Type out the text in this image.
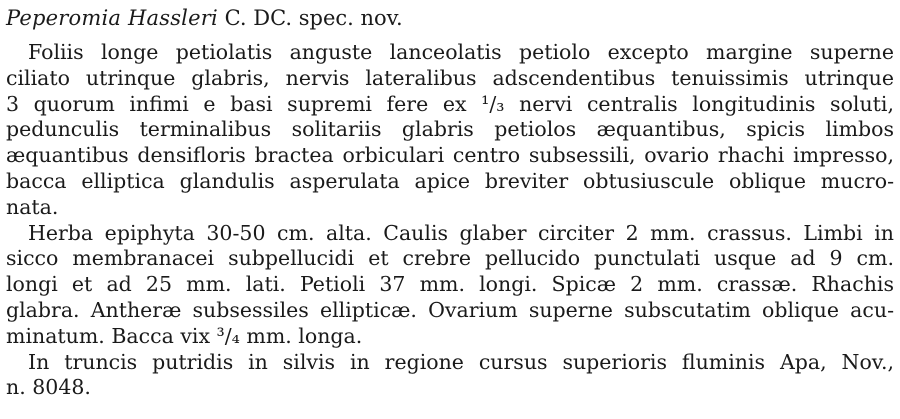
Peperomia Hassleri C. DC. spec. nov.

Foliis longe petiolatis anguste lanceolatis petiolo excepto margine superne
ciliato utrinque glabris, nervis lateralibus adscendentibus tenuissimis utrinque
3 quorum infimi e basi supremi fere ex ¹/₃ nervi centralis longitudinis soluti,
pedunculis terminalibus solitariis glabris petiolos æquantibus, spicis limbos
æquantibus densifloris bractea orbiculari centro subsessili, ovario rhachi impresso,
bacca elliptica glandulis asperulata apice breviter obtusiuscule oblique mucro-
nata.

Herba epiphyta 30-50 cm. alta. Caulis glaber circiter 2 mm. crassus. Limbi in
sicco membranacei subpellucidi et crebre pellucido punctulati usque ad 9 cm.
longi et ad 25 mm. lati. Petioli 37 mm. longi. Spicæ 2 mm. crassæ. Rhachis
glabra. Antheræ subsessiles ellipticæ. Ovarium superne subscutatim oblique acu-
minatum. Bacca vix ³/₄ mm. longa.

In truncis putridis in silvis in regione cursus superioris fluminis Apa, Nov.,
n. 8048.
